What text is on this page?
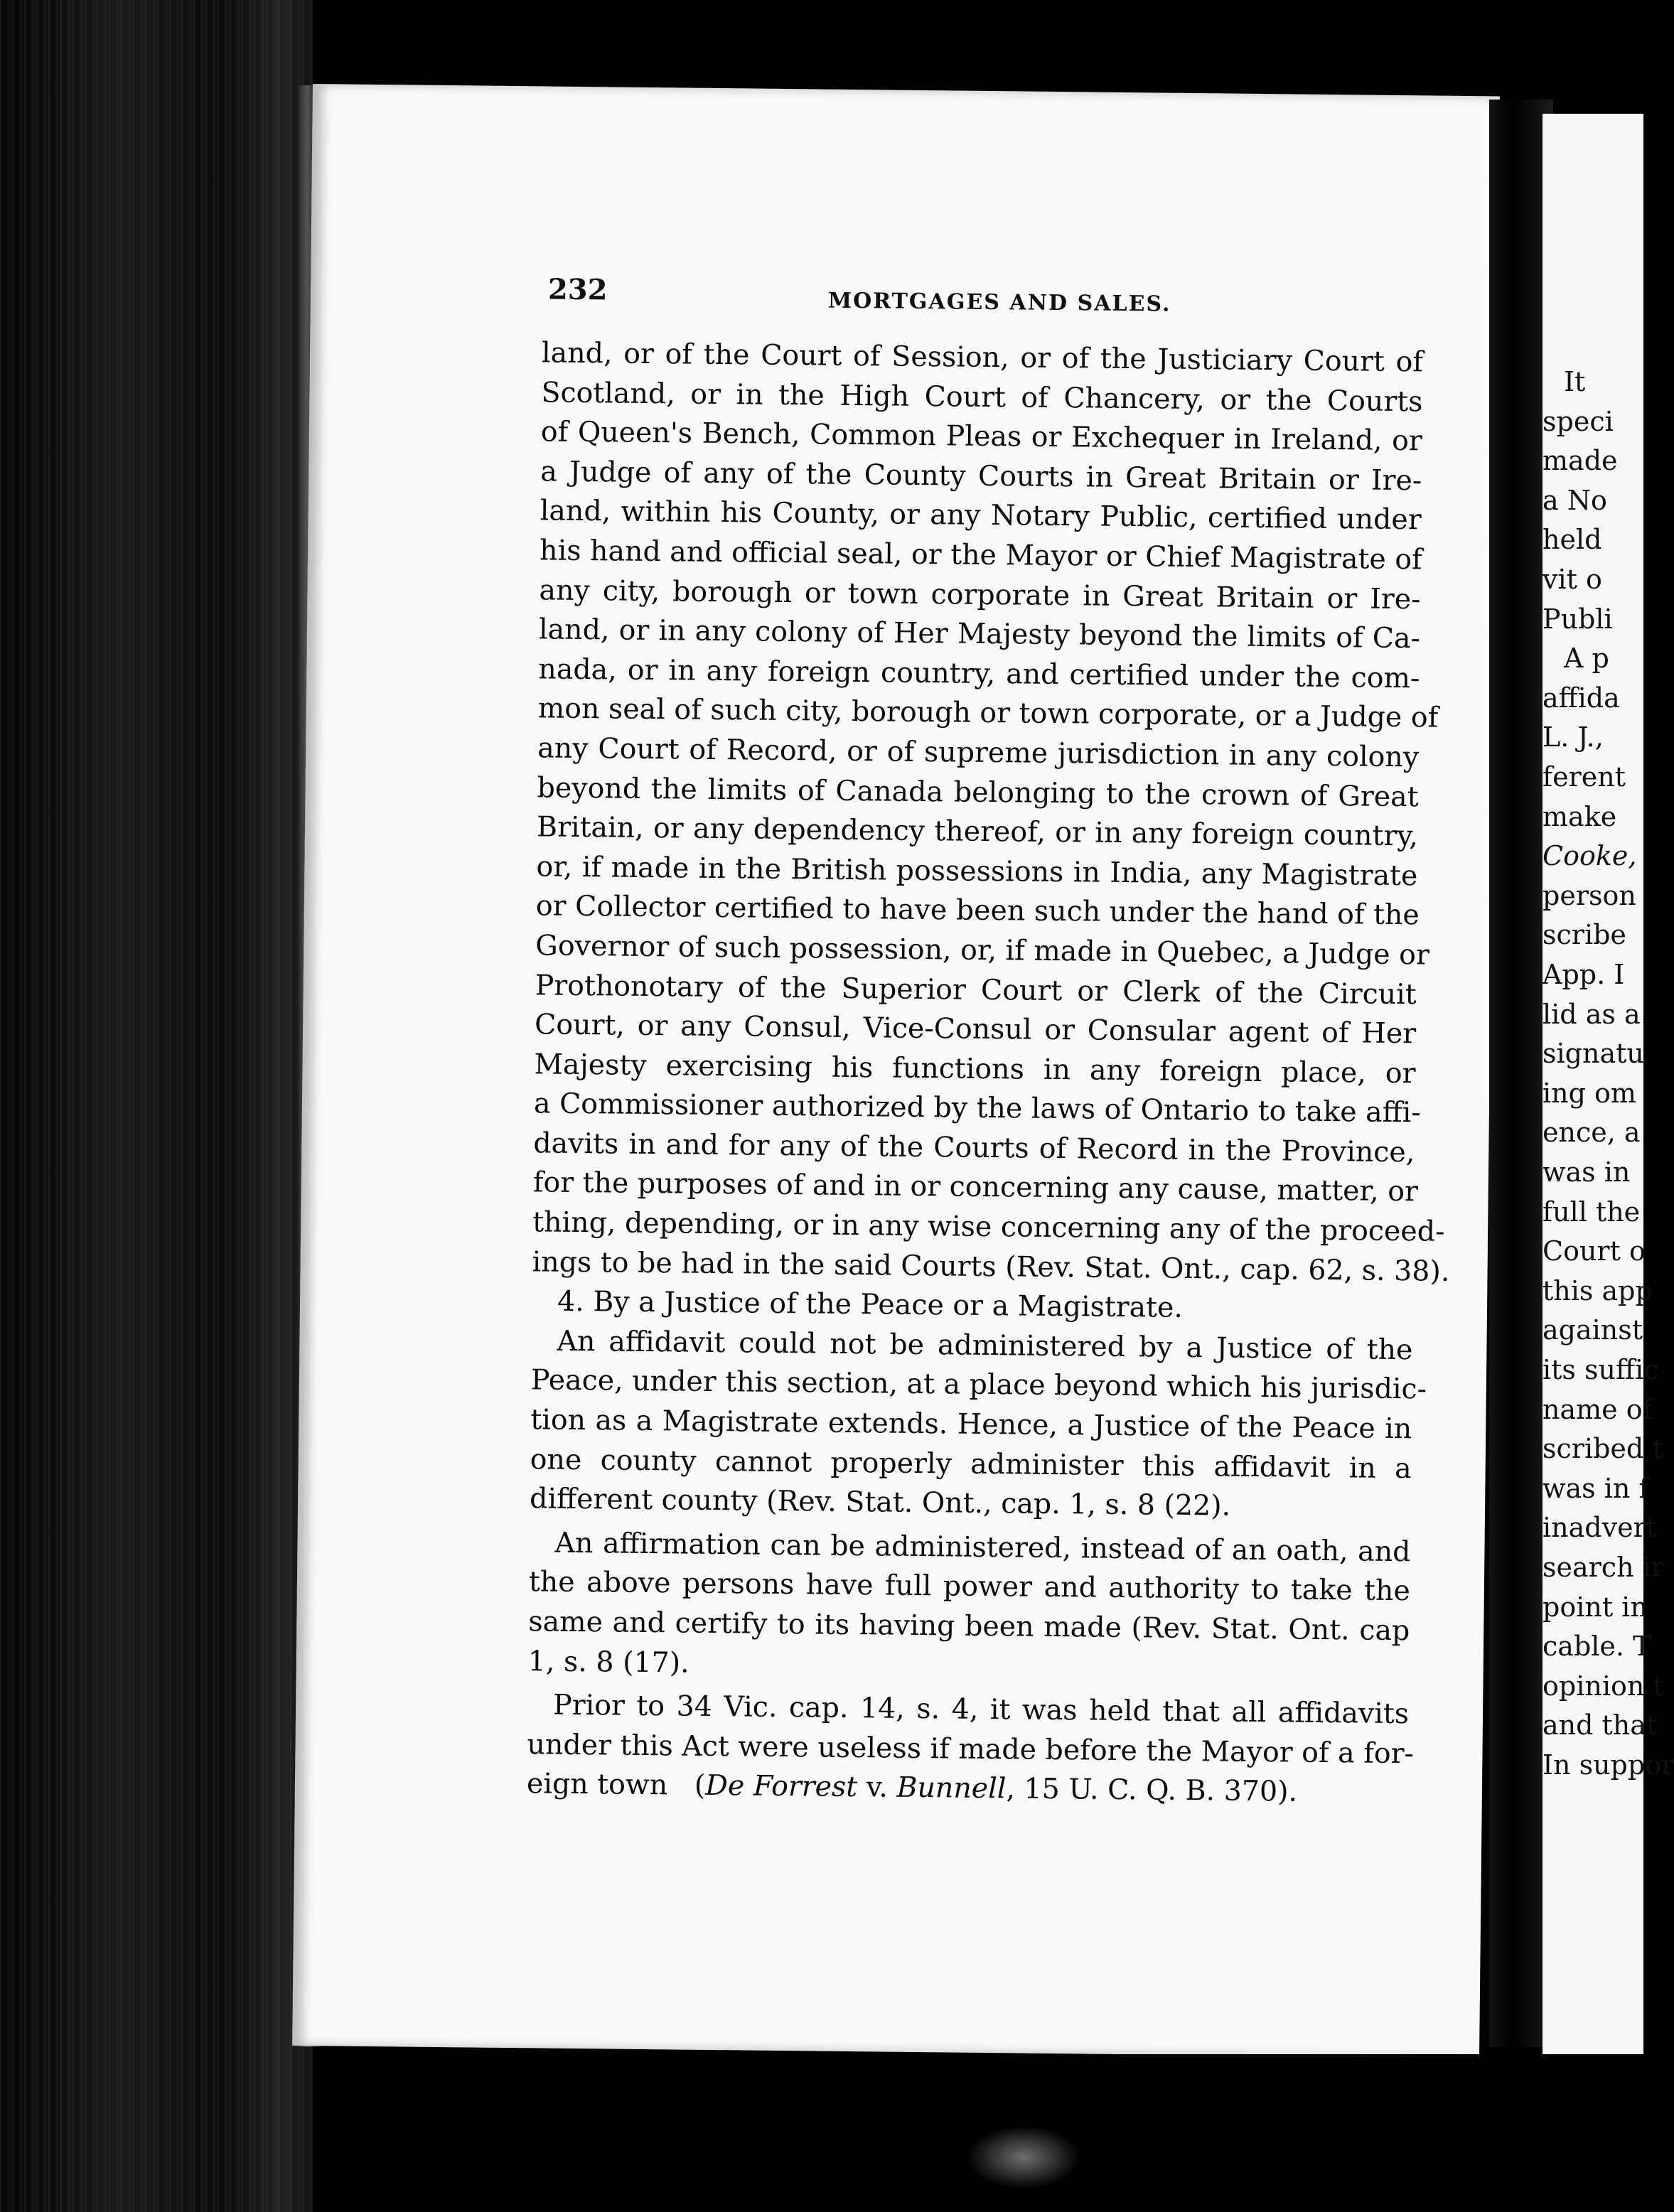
232	MORTGAGES AND SALES.
land, or of the Court of Session, or of the Justiciary Court of
Scotland, or in the High Court of Chancery, or the Courts
of Queen's Bench, Common Pleas or Exchequer in Ireland, or
a Judge of any of the County Courts in Great Britain or Ire-
land, within his County, or any Notary Public, certified under
his hand and official seal, or the Mayor or Chief Magistrate of
any city, borough or town corporate in Great Britain or Ire-
land, or in any colony of Her Majesty beyond the limits of Ca-
nada, or in any foreign country, and certified under the com-
mon seal of such city, borough or town corporate, or a Judge of
any Court of Record, or of supreme jurisdiction in any colony
beyond the limits of Canada belonging to the crown of Great
Britain, or any dependency thereof, or in any foreign country,
or, if made in the British possessions in India, any Magistrate
or Collector certified to have been such under the hand of the
Governor of such possession, or, if made in Quebec, a Judge or
Prothonotary of the Superior Court or Clerk of the Circuit
Court, or any Consul, Vice-Consul or Consular agent of Her
Majesty exercising his functions in any foreign place, or
a Commissioner authorized by the laws of Ontario to take affi-
davits in and for any of the Courts of Record in the Province,
for the purposes of and in or concerning any cause, matter, or
thing, depending, or in any wise concerning any of the proceed-
ings to be had in the said Courts (Rev. Stat. Ont., cap. 62, s. 38).
4. By a Justice of the Peace or a Magistrate.
An affidavit could not be administered by a Justice of the
Peace, under this section, at a place beyond which his jurisdic-
tion as a Magistrate extends. Hence, a Justice of the Peace in
one county cannot properly administer this affidavit in a
different county (Rev. Stat. Ont., cap. 1, s. 8 (22).
An affirmation can be administered, instead of an oath, and
the above persons have full power and authority to take the
same and certify to its having been made (Rev. Stat. Ont. cap
1, s. 8 (17).
Prior to 34 Vic. cap. 14, s. 4, it was held that all affidavits
under this Act were useless if made before the Mayor of a for-
eign town (De Forrest v. Bunnell, 15 U. C. Q. B. 370).
It
speci
made
a No
held
vit o
Publi
A p
affida
L. J.,
ferent
make
Cooke,
person
scribe
App. I
lid as a
signatu
ing om
ence, a
was in
full the
Court o
this app
against
its suffic
name of
scribed t
was in f
inadvert
search ir
point in
cable. T
opinion t
and that
In suppor
